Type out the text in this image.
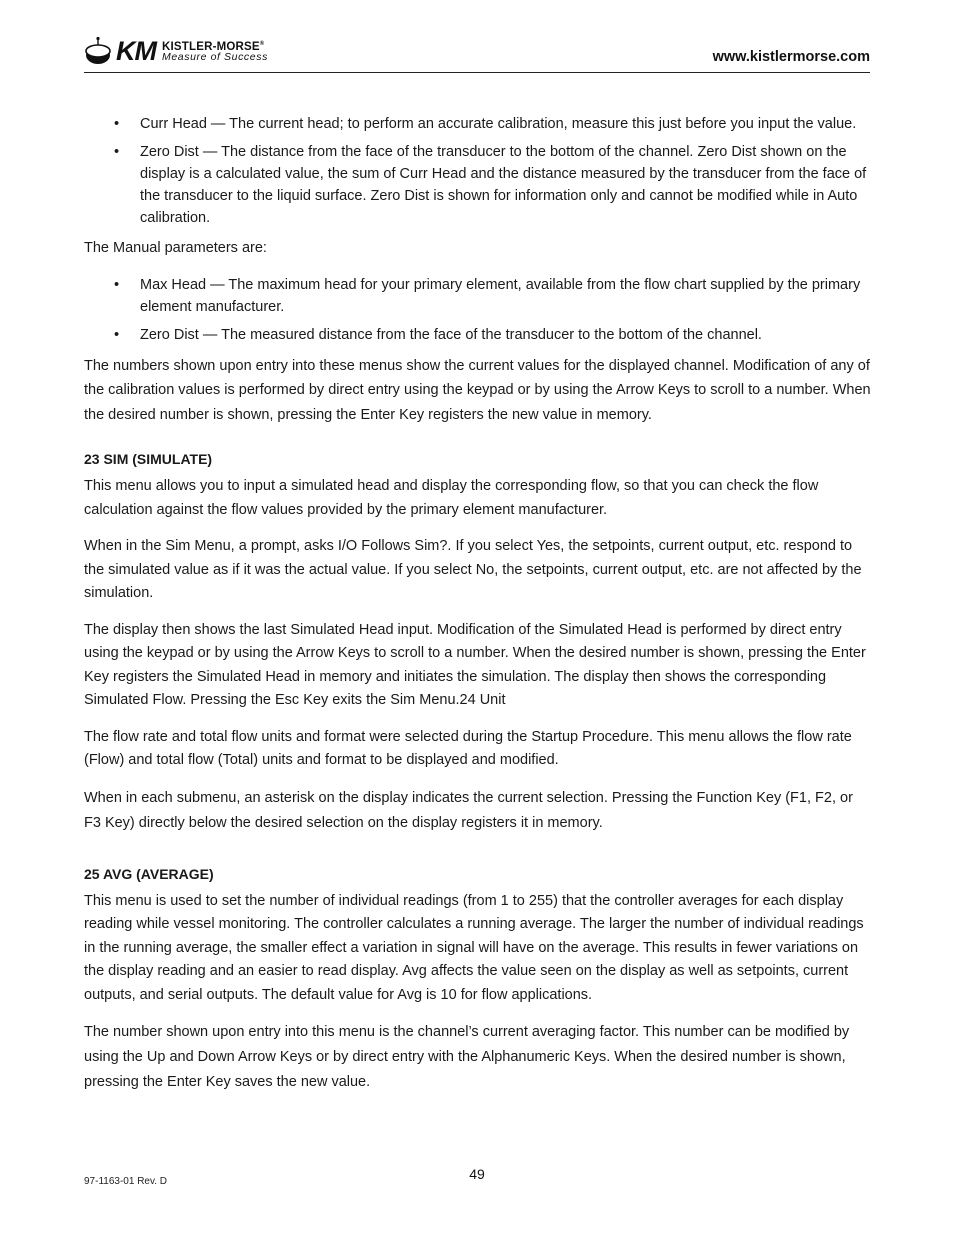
KM KISTLER-MORSE®
Measure of Success	www.kistlermorse.com
• Curr Head — The current head; to perform an accurate calibration, measure this just before you input the value.
• Zero Dist — The distance from the face of the transducer to the bottom of the channel. Zero Dist shown on the display is a calculated value, the sum of Curr Head and the distance measured by the transducer from the face of the transducer to the liquid surface. Zero Dist is shown for information only and cannot be modified while in Auto calibration.

The Manual parameters are:

• Max Head — The maximum head for your primary element, available from the flow chart supplied by the primary element manufacturer.
• Zero Dist — The measured distance from the face of the transducer to the bottom of the channel.

The numbers shown upon entry into these menus show the current values for the displayed channel. Modification of any of the calibration values is performed by direct entry using the keypad or by using the Arrow Keys to scroll to a number. When the desired number is shown, pressing the Enter Key registers the new value in memory.

23 SIM (SIMULATE)

This menu allows you to input a simulated head and display the corresponding flow, so that you can check the flow calculation against the flow values provided by the primary element manufacturer.

When in the Sim Menu, a prompt, asks I/O Follows Sim?. If you select Yes, the setpoints, current output, etc. respond to the simulated value as if it was the actual value. If you select No, the setpoints, current output, etc. are not affected by the simulation.

The display then shows the last Simulated Head input. Modification of the Simulated Head is performed by direct entry using the keypad or by using the Arrow Keys to scroll to a number. When the desired number is shown, pressing the Enter Key registers the Simulated Head in memory and initiates the simulation. The display then shows the corresponding Simulated Flow. Pressing the Esc Key exits the Sim Menu.24 Unit

The flow rate and total flow units and format were selected during the Startup Procedure. This menu allows the flow rate (Flow) and total flow (Total) units and format to be displayed and modified.

When in each submenu, an asterisk on the display indicates the current selection. Pressing the Function Key (F1, F2, or F3 Key) directly below the desired selection on the display registers it in memory.

25 AVG (AVERAGE)

This menu is used to set the number of individual readings (from 1 to 255) that the controller averages for each display reading while vessel monitoring. The controller calculates a running average. The larger the number of individual readings in the running average, the smaller effect a variation in signal will have on the average. This results in fewer variations on the display reading and an easier to read display. Avg affects the value seen on the display as well as setpoints, current outputs, and serial outputs. The default value for Avg is 10 for flow applications.

The number shown upon entry into this menu is the channel’s current averaging factor. This number can be modified by using the Up and Down Arrow Keys or by direct entry with the Alphanumeric Keys. When the desired number is shown, pressing the Enter Key saves the new value.

97-1163-01 Rev. D	49
